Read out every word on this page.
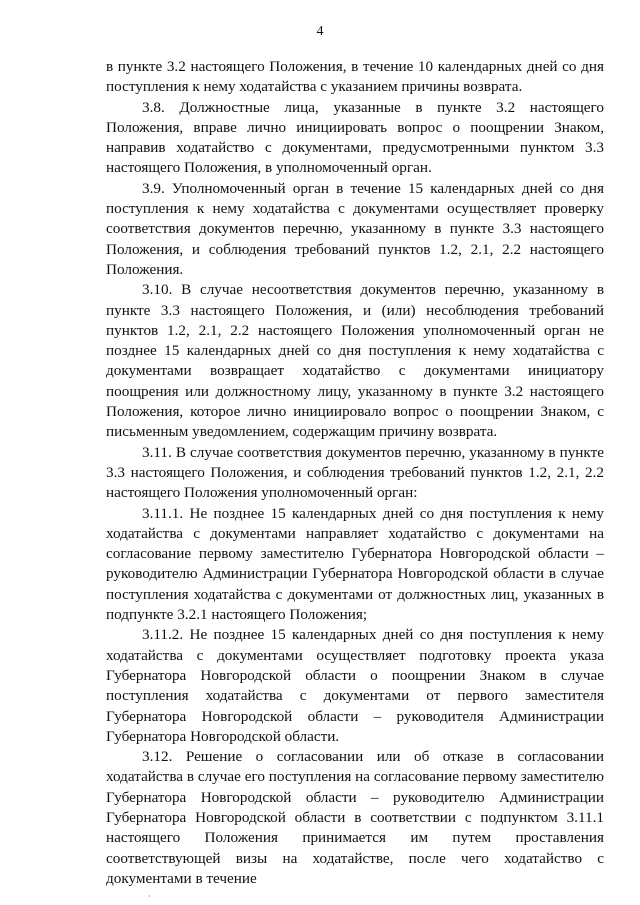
4

в пункте 3.2 настоящего Положения, в течение 10 календарных дней со дня поступления к нему ходатайства с указанием причины возврата.

3.8. Должностные лица, указанные в пункте 3.2 настоящего Положения, вправе лично инициировать вопрос о поощрении Знаком, направив ходатайство с документами, предусмотренными пунктом 3.3 настоящего Положения, в уполномоченный орган.

3.9. Уполномоченный орган в течение 15 календарных дней со дня поступления к нему ходатайства с документами осуществляет проверку соответствия документов перечню, указанному в пункте 3.3 настоящего Положения, и соблюдения требований пунктов 1.2, 2.1, 2.2 настоящего Положения.

3.10. В случае несоответствия документов перечню, указанному в пункте 3.3 настоящего Положения, и (или) несоблюдения требований пунктов 1.2, 2.1, 2.2 настоящего Положения уполномоченный орган не позднее 15 календарных дней со дня поступления к нему ходатайства с документами возвращает ходатайство с документами инициатору поощрения или должностному лицу, указанному в пункте 3.2 настоящего Положения, которое лично инициировало вопрос о поощрении Знаком, с письменным уведомлением, содержащим причину возврата.

3.11. В случае соответствия документов перечню, указанному в пункте 3.3 настоящего Положения, и соблюдения требований пунктов 1.2, 2.1, 2.2 настоящего Положения уполномоченный орган:

3.11.1. Не позднее 15 календарных дней со дня поступления к нему ходатайства с документами направляет ходатайство с документами на согласование первому заместителю Губернатора Новгородской области – руководителю Администрации Губернатора Новгородской области в случае поступления ходатайства с документами от должностных лиц, указанных в подпункте 3.2.1 настоящего Положения;

3.11.2. Не позднее 15 календарных дней со дня поступления к нему ходатайства с документами осуществляет подготовку проекта указа Губернатора Новгородской области о поощрении Знаком в случае поступления ходатайства с документами от первого заместителя Губернатора Новгородской области – руководителя Администрации Губернатора Новгородской области.

3.12. Решение о согласовании или об отказе в согласовании ходатайства в случае его поступления на согласование первому заместителю Губернатора Новгородской области – руководителю Администрации Губернатора Новгородской области в соответствии с подпунктом 3.11.1 настоящего Положения принимается им путем проставления соответствующей визы на ходатайстве, после чего ходатайство с документами в течение

·
